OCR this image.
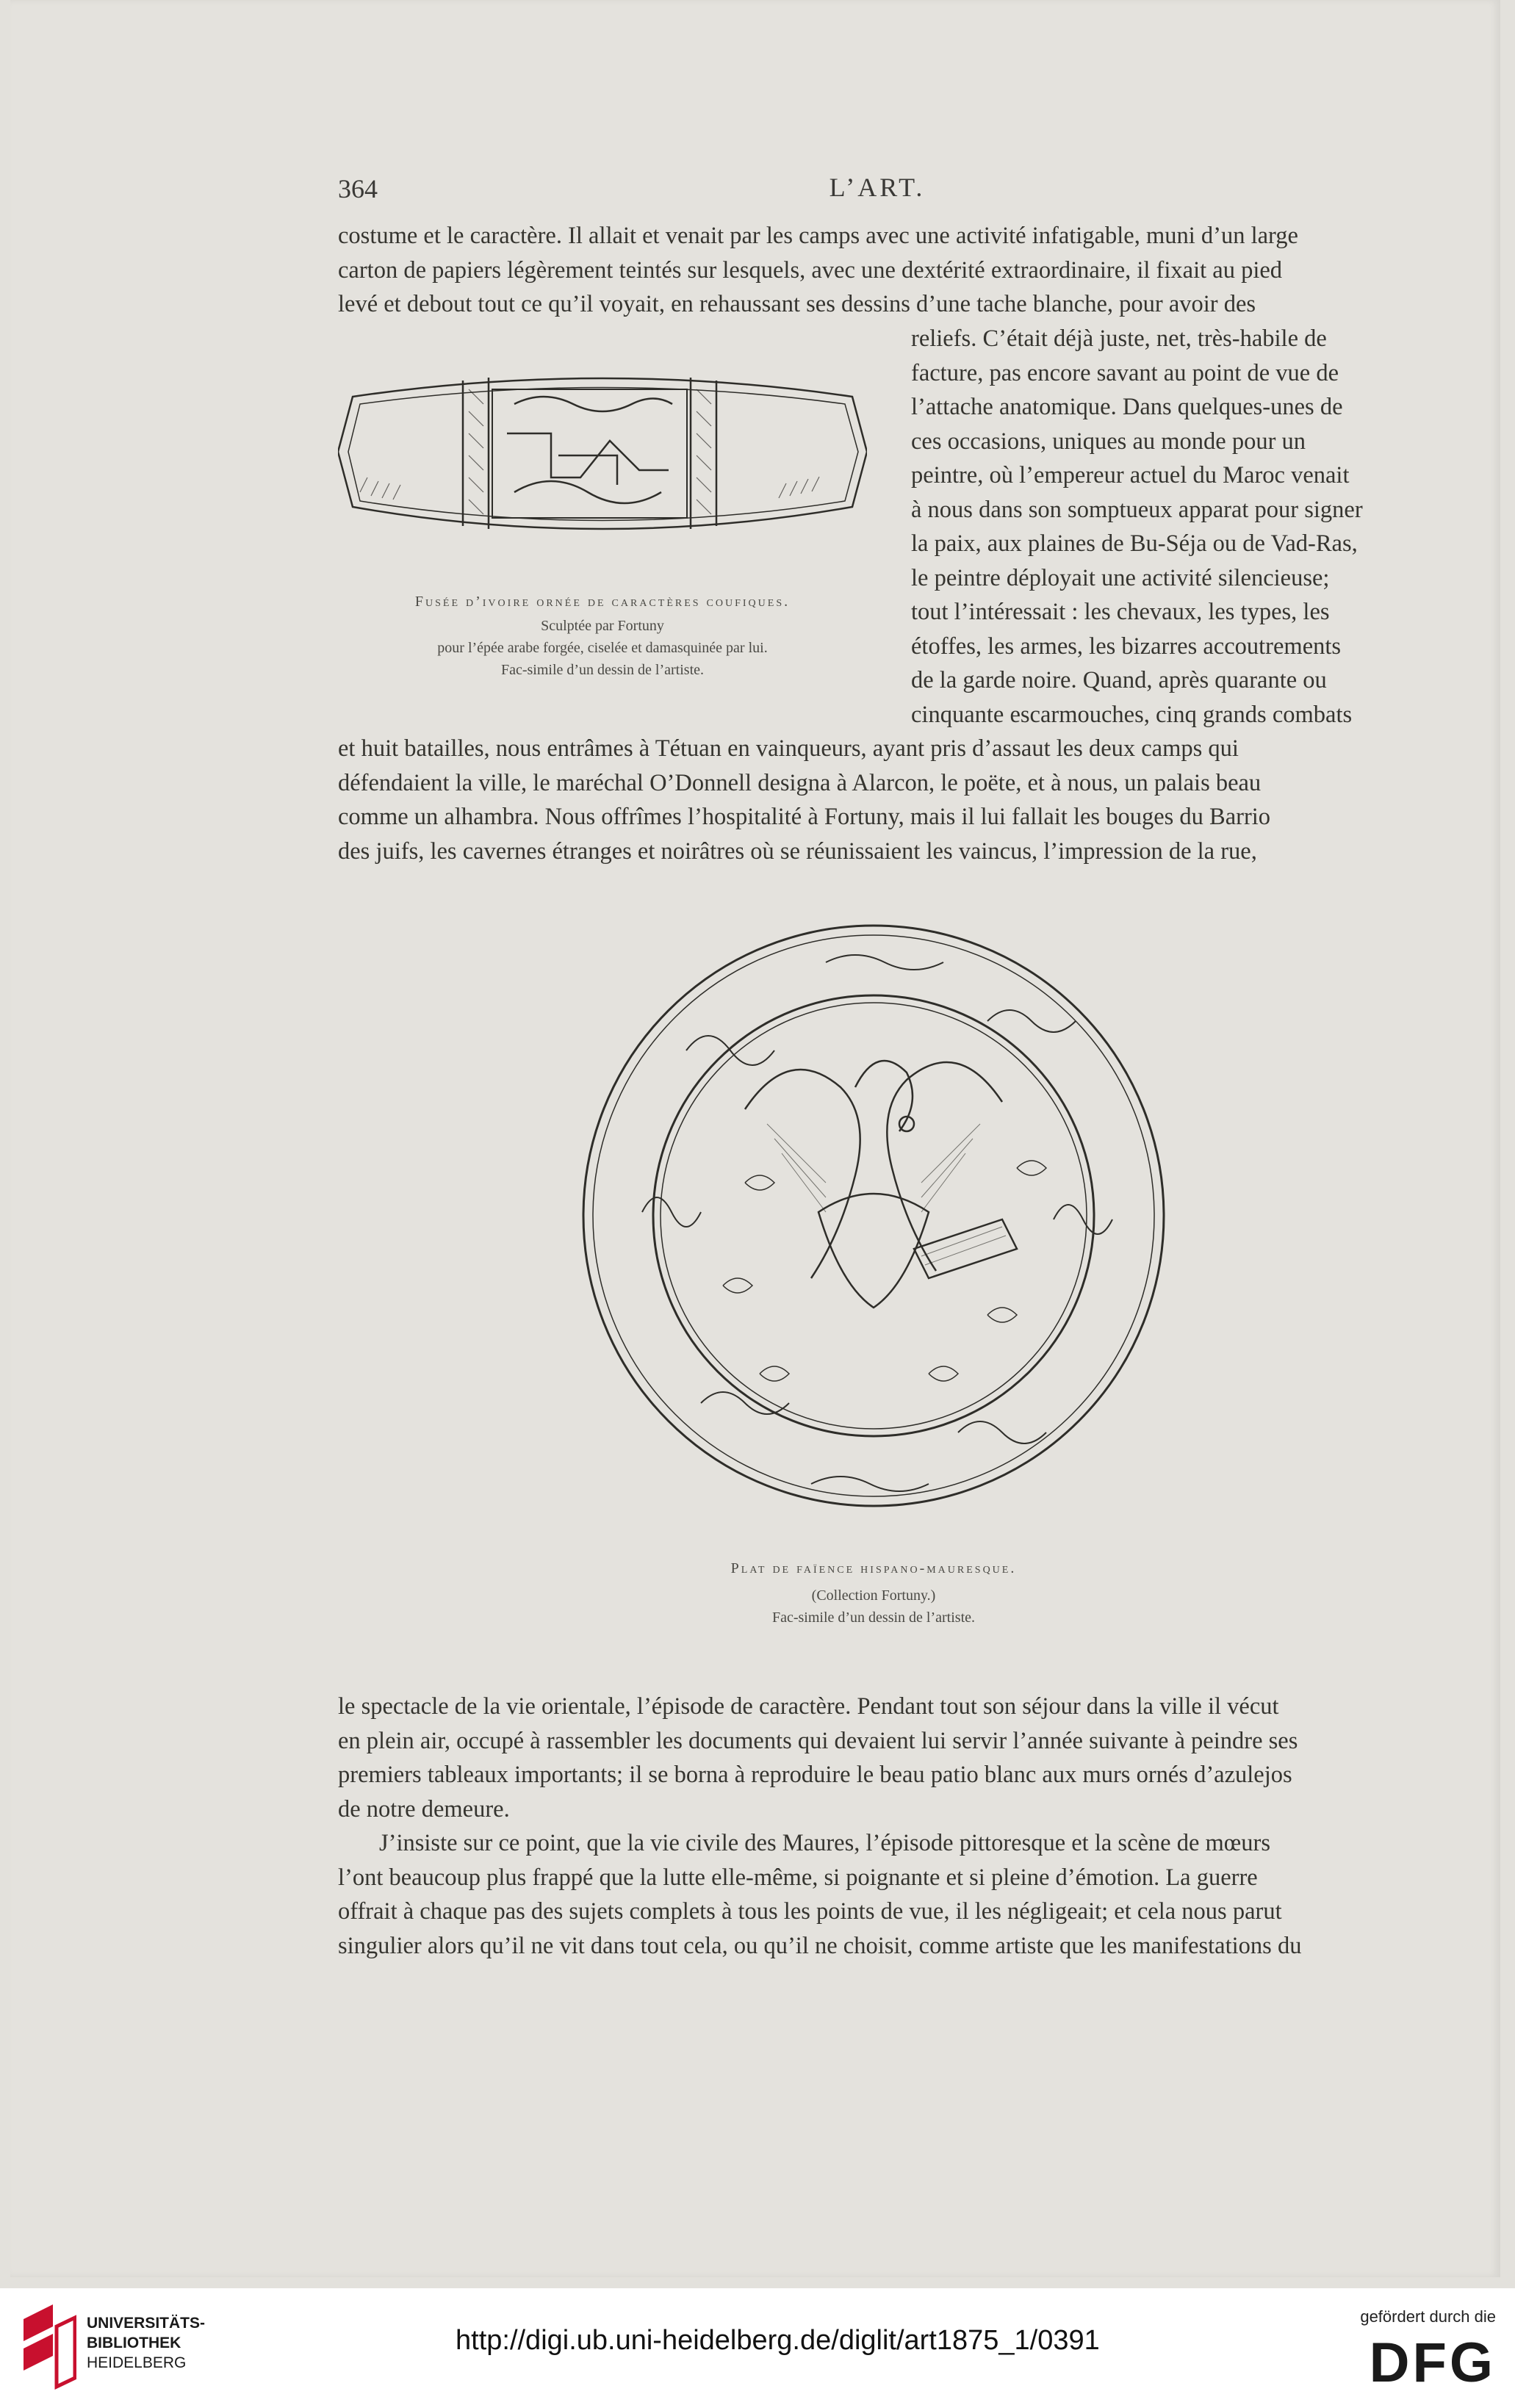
364	L’ART.

costume et le caractère. Il allait et venait par les camps avec une activité infatigable, muni d’un large

carton de papiers légèrement teintés sur lesquels, avec une dextérité extraordinaire, il fixait au pied

levé et debout tout ce qu’il voyait, en rehaussant ses dessins d’une tache blanche, pour avoir des

reliefs. C’était déjà juste, net, très-habile de

facture, pas encore savant au point de vue de

l’attache anatomique. Dans quelques-unes de

ces occasions, uniques au monde pour un

peintre, où l’empereur actuel du Maroc venait

à nous dans son somptueux apparat pour signer

la paix, aux plaines de Bu-Séja ou de Vad-Ras,

le peintre déployait une activité silencieuse;

tout l’intéressait : les chevaux, les types, les

étoffes, les armes, les bizarres accoutrements

de la garde noire. Quand, après quarante ou

cinquante escarmouches, cinq grands combats

Fusée d’ivoire ornée de caractères coufiques.
Sculptée par Fortuny
pour l’épée arabe forgée, ciselée et damasquinée par lui.
Fac-simile d’un dessin de l’artiste.

et huit batailles, nous entrâmes à Tétuan en vainqueurs, ayant pris d’assaut les deux camps qui

défendaient la ville, le maréchal O’Donnell designa à Alarcon, le poëte, et à nous, un palais beau

comme un alhambra. Nous offrîmes l’hospitalité à Fortuny, mais il lui fallait les bouges du Barrio

des juifs, les cavernes étranges et noirâtres où se réunissaient les vaincus, l’impression de la rue,

Plat de faïence hispano-mauresque.
(Collection Fortuny.)
Fac-simile d’un dessin de l’artiste.

le spectacle de la vie orientale, l’épisode de caractère. Pendant tout son séjour dans la ville il vécut

en plein air, occupé à rassembler les documents qui devaient lui servir l’année suivante à peindre ses

premiers tableaux importants; il se borna à reproduire le beau patio blanc aux murs ornés d’azulejos

de notre demeure.

J’insiste sur ce point, que la vie civile des Maures, l’épisode pittoresque et la scène de mœurs

l’ont beaucoup plus frappé que la lutte elle-même, si poignante et si pleine d’émotion. La guerre

offrait à chaque pas des sujets complets à tous les points de vue, il les négligeait; et cela nous parut

singulier alors qu’il ne vit dans tout cela, ou qu’il ne choisit, comme artiste que les manifestations du

UNIVERSITÄTS-
BIBLIOTHEK
HEIDELBERG
http://digi.ub.uni-heidelberg.de/diglit/art1875_1/0391
gefördert durch die
DFG
